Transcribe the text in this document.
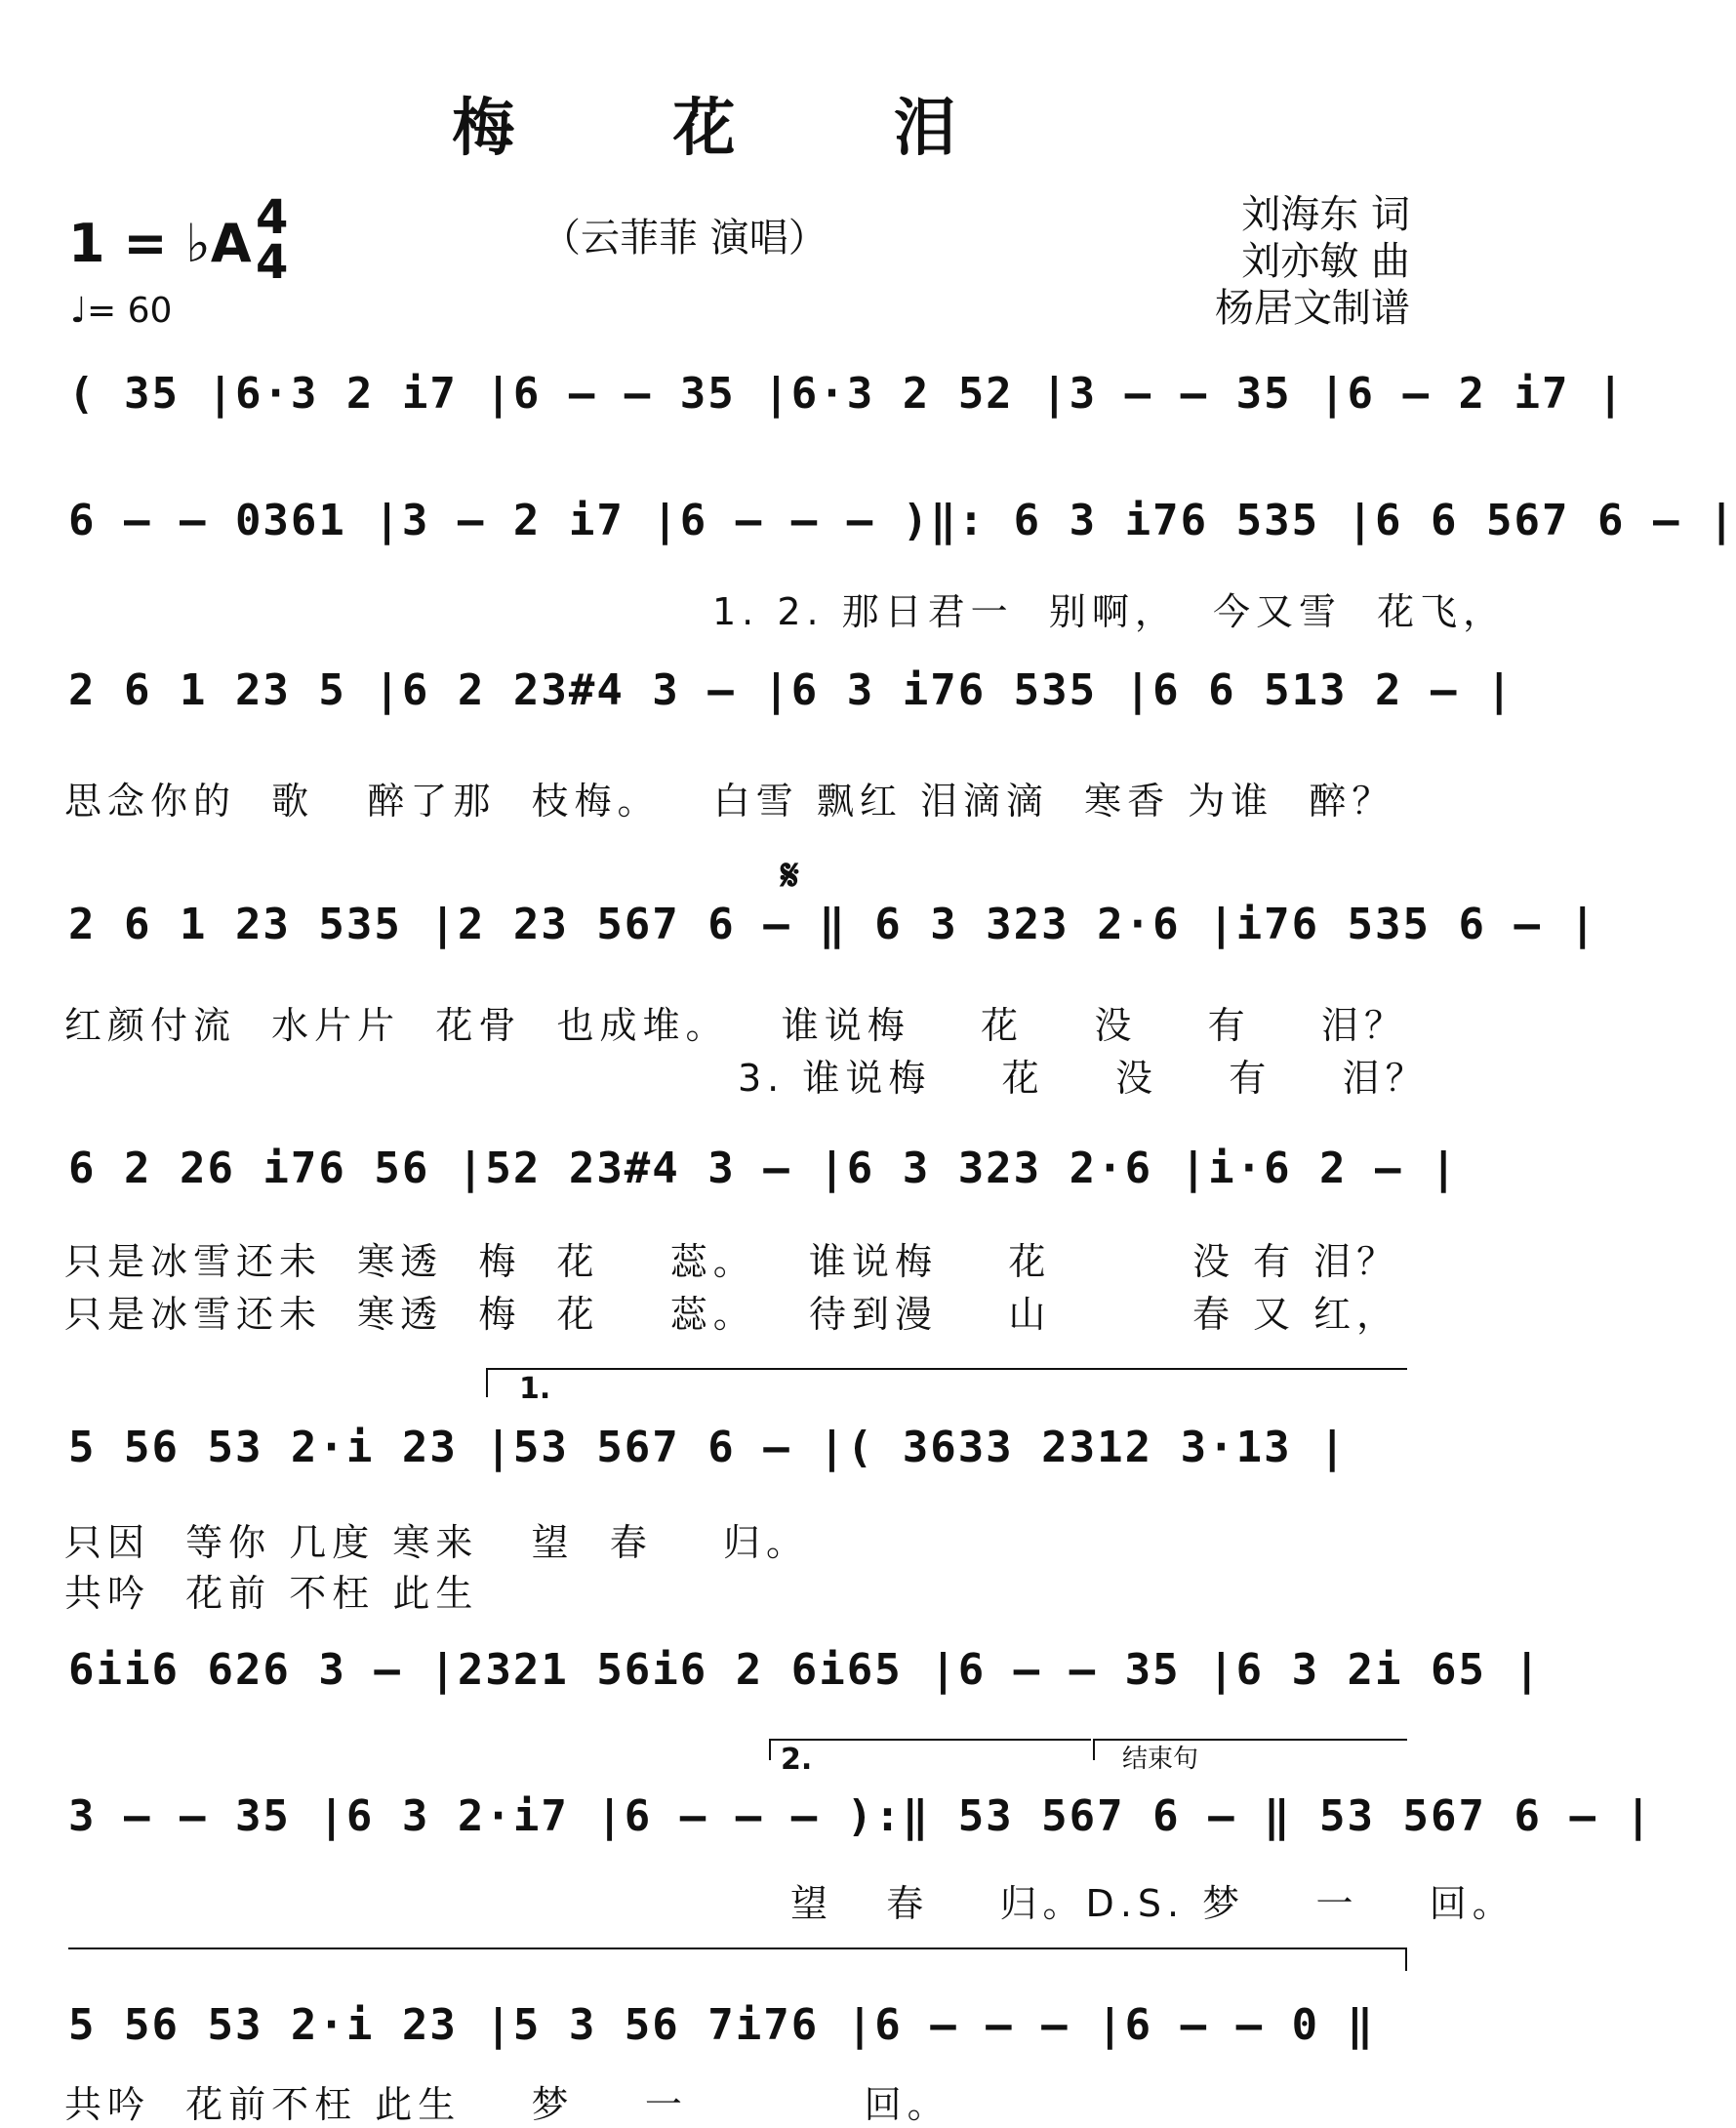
梅 花 泪
1 = ♭A 4
4
♩= 60
（云菲菲 演唱）
刘海东 词
刘亦敏 曲
杨居文制谱
( 35 |6·3 2 i7 |6 – – 35 |6·3 2 52 |3 – – 35 |6 – 2 i7 |
6 – – 0361 |3 – 2 i7 |6 – – – )‖: 6 3 i76 535 |6 6 567 6 – |
1. 2. 那日君一  别啊，  今又雪  花飞，
2 6 1 23 5 |6 2 23#4 3 – |6 3 i76 535 |6 6 513 2 – |
思念你的  歌   醉了那  枝梅。   白雪 飘红 泪滴滴  寒香 为谁  醉？
𝄋
2 6 1 23 535 |2 23 567 6 – ‖ 6 3 323 2·6 |i76 535 6 – |
红颜付流  水片片  花骨  也成堆。   谁说梅    花    没    有    泪？
3. 谁说梅    花    没    有    泪？
6 2 26 i76 56 |52 23#4 3 – |6 3 323 2·6 |i·6 2 – |
只是冰雪还未  寒透  梅  花    蕊。   谁说梅    花        没 有 泪？
只是冰雪还未  寒透  梅  花    蕊。   待到漫    山        春 又 红，
1.
5 56 53 2·i 23 |53 567 6 – |( 3633 2312 3·13 |
只因  等你 几度 寒来   望  春    归。
共吟  花前 不枉 此生
6ii6 626 3 – |2321 56i6 2 6i65 |6 – – 35 |6 3 2i 65 |
2.	结束句
3 – – 35 |6 3 2·i7 |6 – – – ):‖ 53 567 6 – ‖ 53 567 6 – |
望   春    归。D.S. 梦    一    回。
5 56 53 2·i 23 |5 3 56 7i76 |6 – – – |6 – – 0 ‖
共吟  花前不枉 此生    梦    一          回。
